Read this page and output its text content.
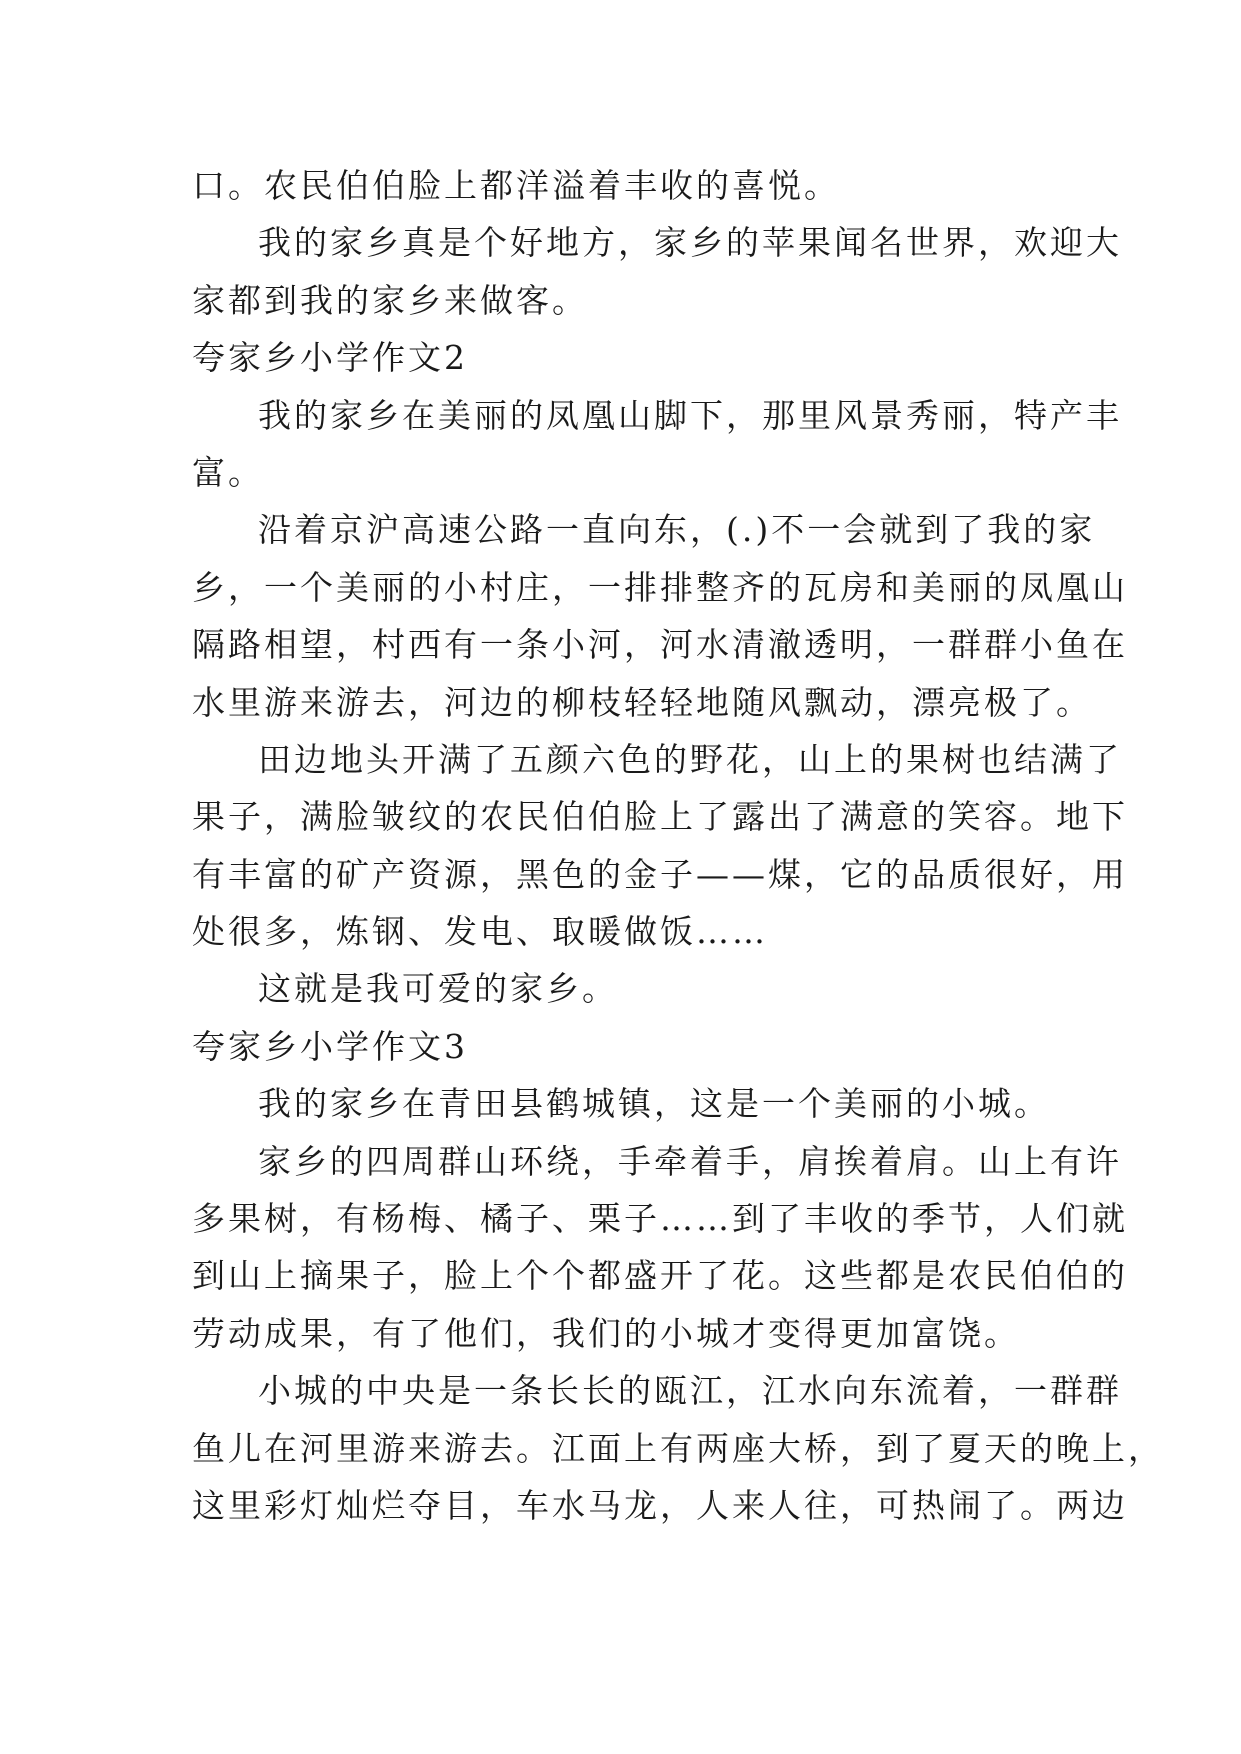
口。农民伯伯脸上都洋溢着丰收的喜悦。
我的家乡真是个好地方，家乡的苹果闻名世界，欢迎大
家都到我的家乡来做客。
夸家乡小学作文2
我的家乡在美丽的凤凰山脚下，那里风景秀丽，特产丰
富。
沿着京沪高速公路一直向东，(.)不一会就到了我的家
乡，一个美丽的小村庄，一排排整齐的瓦房和美丽的凤凰山
隔路相望，村西有一条小河，河水清澈透明，一群群小鱼在
水里游来游去，河边的柳枝轻轻地随风飘动，漂亮极了。
田边地头开满了五颜六色的野花，山上的果树也结满了
果子，满脸皱纹的农民伯伯脸上了露出了满意的笑容。地下
有丰富的矿产资源，黑色的金子——煤，它的品质很好，用
处很多，炼钢、发电、取暖做饭……
这就是我可爱的家乡。
夸家乡小学作文3
我的家乡在青田县鹤城镇，这是一个美丽的小城。
家乡的四周群山环绕，手牵着手，肩挨着肩。山上有许
多果树，有杨梅、橘子、栗子……到了丰收的季节，人们就
到山上摘果子，脸上个个都盛开了花。这些都是农民伯伯的
劳动成果，有了他们，我们的小城才变得更加富饶。
小城的中央是一条长长的瓯江，江水向东流着，一群群
鱼儿在河里游来游去。江面上有两座大桥，到了夏天的晚上，
这里彩灯灿烂夺目，车水马龙，人来人往，可热闹了。两边
